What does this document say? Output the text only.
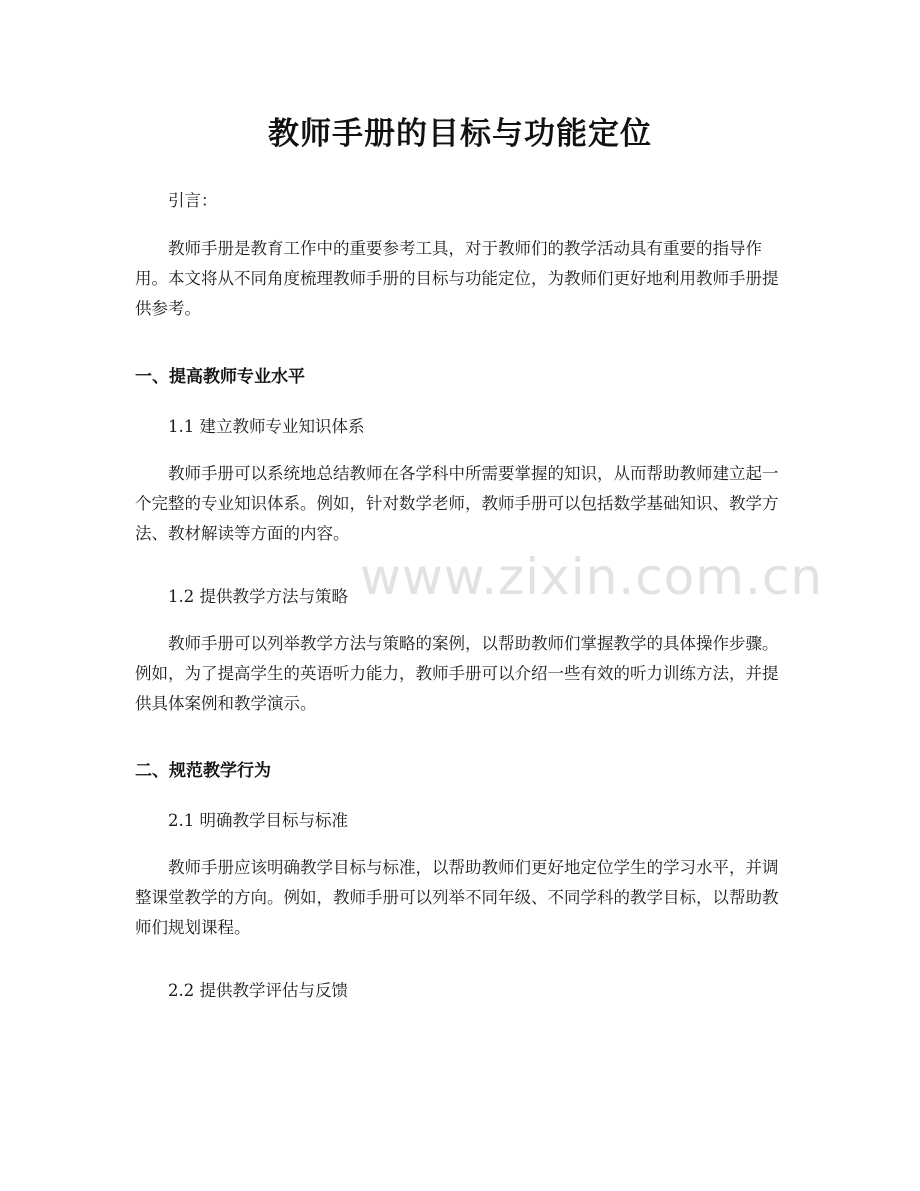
教师手册的目标与功能定位
引言：
教师手册是教育工作中的重要参考工具，对于教师们的教学活动具有重要的指导作用。本文将从不同角度梳理教师手册的目标与功能定位，为教师们更好地利用教师手册提供参考。
一、提高教师专业水平
1.1 建立教师专业知识体系
教师手册可以系统地总结教师在各学科中所需要掌握的知识，从而帮助教师建立起一个完整的专业知识体系。例如，针对数学老师，教师手册可以包括数学基础知识、教学方法、教材解读等方面的内容。
www.zixin.com.cn
1.2 提供教学方法与策略
教师手册可以列举教学方法与策略的案例，以帮助教师们掌握教学的具体操作步骤。例如，为了提高学生的英语听力能力，教师手册可以介绍一些有效的听力训练方法，并提供具体案例和教学演示。
二、规范教学行为
2.1 明确教学目标与标准
教师手册应该明确教学目标与标准，以帮助教师们更好地定位学生的学习水平，并调整课堂教学的方向。例如，教师手册可以列举不同年级、不同学科的教学目标，以帮助教师们规划课程。
2.2 提供教学评估与反馈
